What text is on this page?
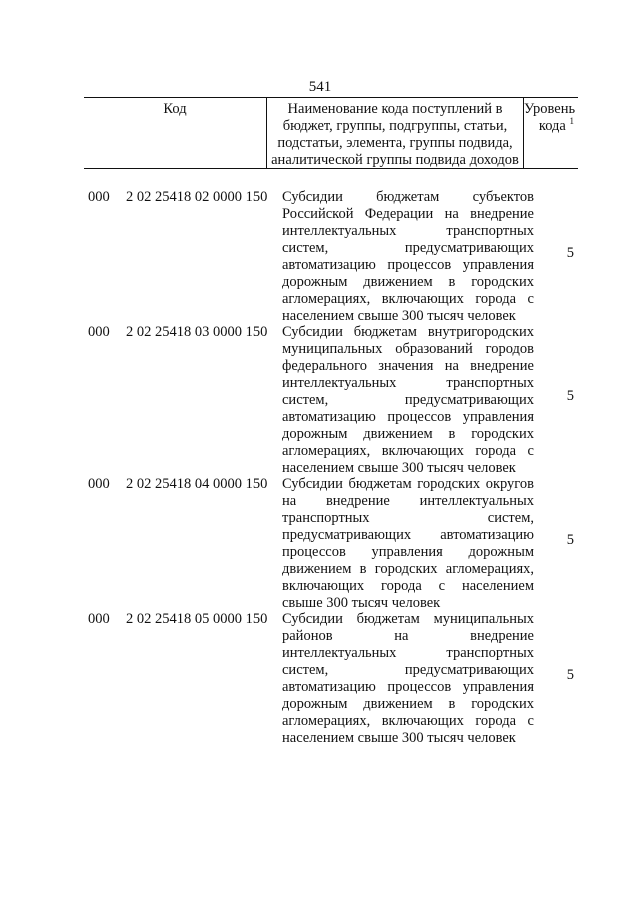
541
Код	Наименование кода поступлений в бюджет, группы, подгруппы, статьи, подстатьи, элемента, группы подвида, аналитической группы подвида доходов
Уровень кода $^1$
000 2 02 25418 02 0000 150 Субсидии бюджетам субъектов Российской Федерации на внедрение интеллектуальных транспортных систем, предусматривающих автоматизацию процессов управления дорожным движением в городских агломерациях, включающих города с населением свыше 300 тысяч человек
5
000 2 02 25418 03 0000 150 Субсидии бюджетам внутригородских муниципальных образований городов федерального значения на внедрение интеллектуальных транспортных систем, предусматривающих автоматизацию процессов управления дорожным движением в городских агломерациях, включающих города с населением свыше 300 тысяч человек
5
000 2 02 25418 04 0000 150 Субсидии бюджетам городских округов на внедрение интеллектуальных транспортных систем, предусматривающих автоматизацию процессов управления дорожным движением в городских агломерациях, включающих города с населением свыше 300 тысяч человек
5
000 2 02 25418 05 0000 150 Субсидии бюджетам муниципальных районов на внедрение интеллектуальных транспортных систем, предусматривающих автоматизацию процессов управления дорожным движением в городских агломерациях, включающих города с населением свыше 300 тысяч человек
5
